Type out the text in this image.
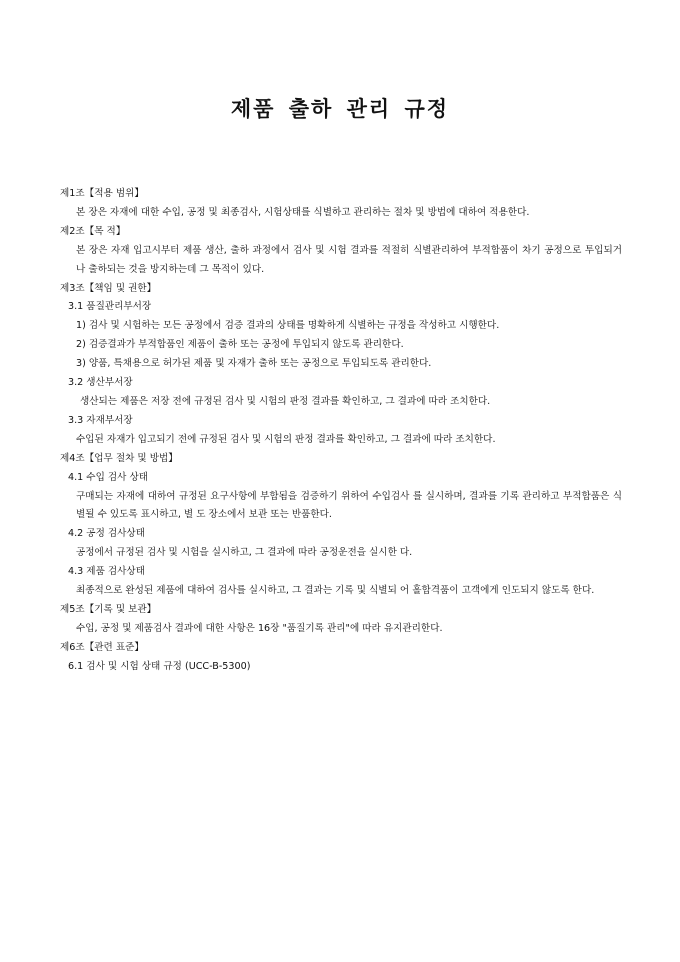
제품 출하 관리 규정

제1조【적용 범위】

본 장은 자재에 대한 수입, 공정 및 최종검사, 시험상태를 식별하고 관리하는 절차 및 방법에 대하여 적용한다.

제2조【목 적】

본 장은 자재 입고시부터 제품 생산, 출하 과정에서 검사 및 시험 결과를 적절히 식별관리하여 부적합품이 차기 공정으로 투입되거나 출하되는 것을 방지하는데 그 목적이 있다.

제3조【책임 및 권한】

3.1 품질관리부서장

1) 검사 및 시험하는 모든 공정에서 검증 결과의 상태를 명확하게 식별하는 규정을 작성하고 시행한다.

2) 검증결과가 부적합품인 제품이 출하 또는 공정에 투입되지 않도록 관리한다.

3) 양품, 특채용으로 허가된 제품 및 자재가 출하 또는 공정으로 투입되도록 관리한다.

3.2 생산부서장

생산되는 제품은 저장 전에 규정된 검사 및 시험의 판정 결과를 확인하고, 그 결과에 따라 조치한다.

3.3 자재부서장

수입된 자재가 입고되기 전에 규정된 검사 및 시험의 판정 결과를 확인하고, 그 결과에 따라 조치한다.

제4조【업무 절차 및 방법】

4.1 수입 검사 상태

구매되는 자재에 대하여 규정된 요구사항에 부합됨을 검증하기 위하여 수입검사 를 실시하며, 결과를 기록 관리하고 부적합품은 식별될 수 있도록 표시하고, 별 도 장소에서 보관 또는 반품한다.

4.2 공정 검사상태

공정에서 규정된 검사 및 시험을 실시하고, 그 결과에 따라 공정운전을 실시한 다.

4.3 제품 검사상태

최종적으로 완성된 제품에 대하여 검사를 실시하고, 그 결과는 기록 및 식별되 어 홀합격품이 고객에게 인도되지 않도록 한다.

제5조【기록 및 보관】

수입, 공정 및 제품검사 결과에 대한 사항은 16장 "품질기록 관리"에 따라 유지관리한다.

제6조【관련 표준】

6.1 검사 및 시험 상태 규정 (UCC-B-5300)
